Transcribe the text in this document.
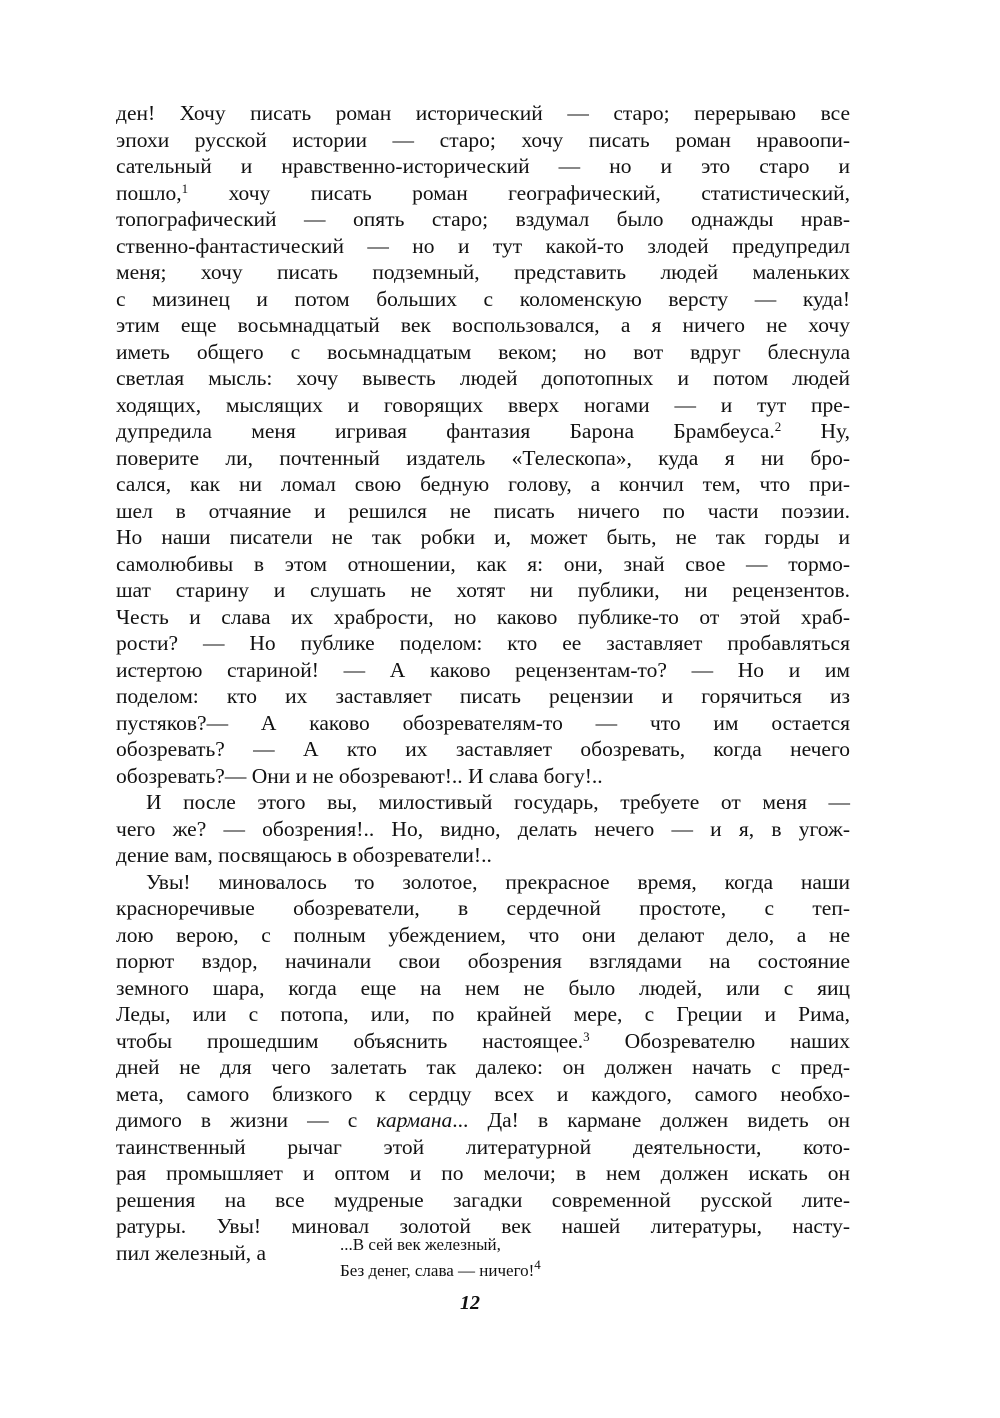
ден! Хочу писать роман исторический — старо; перерываю все
эпохи русской истории — старо; хочу писать роман нравоопи-
сательный и нравственно-исторический — но и это старо и
пошло,$^1$ хочу писать роман географический, статистический,
топографический — опять старо; вздумал было однажды нрав-
ственно-фантастический — но и тут какой-то злодей предупредил
меня; хочу писать подземный, представить людей маленьких
с мизинец и потом больших с коломенскую версту — куда!
этим еще восьмнадцатый век воспользовался, а я ничего не хочу
иметь общего с восьмнадцатым веком; но вот вдруг блеснула
светлая мысль: хочу вывесть людей допотопных и потом людей
ходящих, мыслящих и говорящих вверх ногами — и тут пре-
дупредила меня игривая фантазия Барона Брамбеуса.$^2$ Ну,
поверите ли, почтенный издатель «Телескопа», куда я ни бро-
сался, как ни ломал свою бедную голову, а кончил тем, что при-
шел в отчаяние и решился не писать ничего по части поэзии.
Но наши писатели не так робки и, может быть, не так горды и
самолюбивы в этом отношении, как я: они, знай свое — тормо-
шат старину и слушать не хотят ни публики, ни рецензентов.
Честь и слава их храбрости, но каково публике-то от этой храб-
рости? — Но публике поделом: кто ее заставляет пробавляться
истертою стариной! — А каково рецензентам-то? — Но и им
поделом: кто их заставляет писать рецензии и горячиться из
пустяков?— А каково обозревателям-то — что им остается
обозревать? — А кто их заставляет обозревать, когда нечего
обозревать?— Они и не обозревают!.. И слава богу!..
И после этого вы, милостивый государь, требуете от меня —
чего же? — обозрения!.. Но, видно, делать нечего — и я, в угож-
дение вам, посвящаюсь в обозреватели!..
Увы! миновалось то золотое, прекрасное время, когда наши
красноречивые обозреватели, в сердечной простоте, с теп-
лою верою, с полным убеждением, что они делают дело, а не
порют вздор, начинали свои обозрения взглядами на состояние
земного шара, когда еще на нем не было людей, или с яиц
Леды, или с потопа, или, по крайней мере, с Греции и Рима,
чтобы прошедшим объяснить настоящее.$^3$ Обозревателю наших
дней не для чего залетать так далеко: он должен начать с пред-
мета, самого близкого к сердцу всех и каждого, самого необхо-
димого в жизни — с кармана... Да! в кармане должен видеть он
таинственный рычаг этой литературной деятельности, кото-
рая промышляет и оптом и по мелочи; в нем должен искать он
решения на все мудреные загадки современной русской лите-
ратуры. Увы! миновал золотой век нашей литературы, насту-
пил железный, а	...В сей век железный,
Без денег, слава — ничего!$^4$
12
